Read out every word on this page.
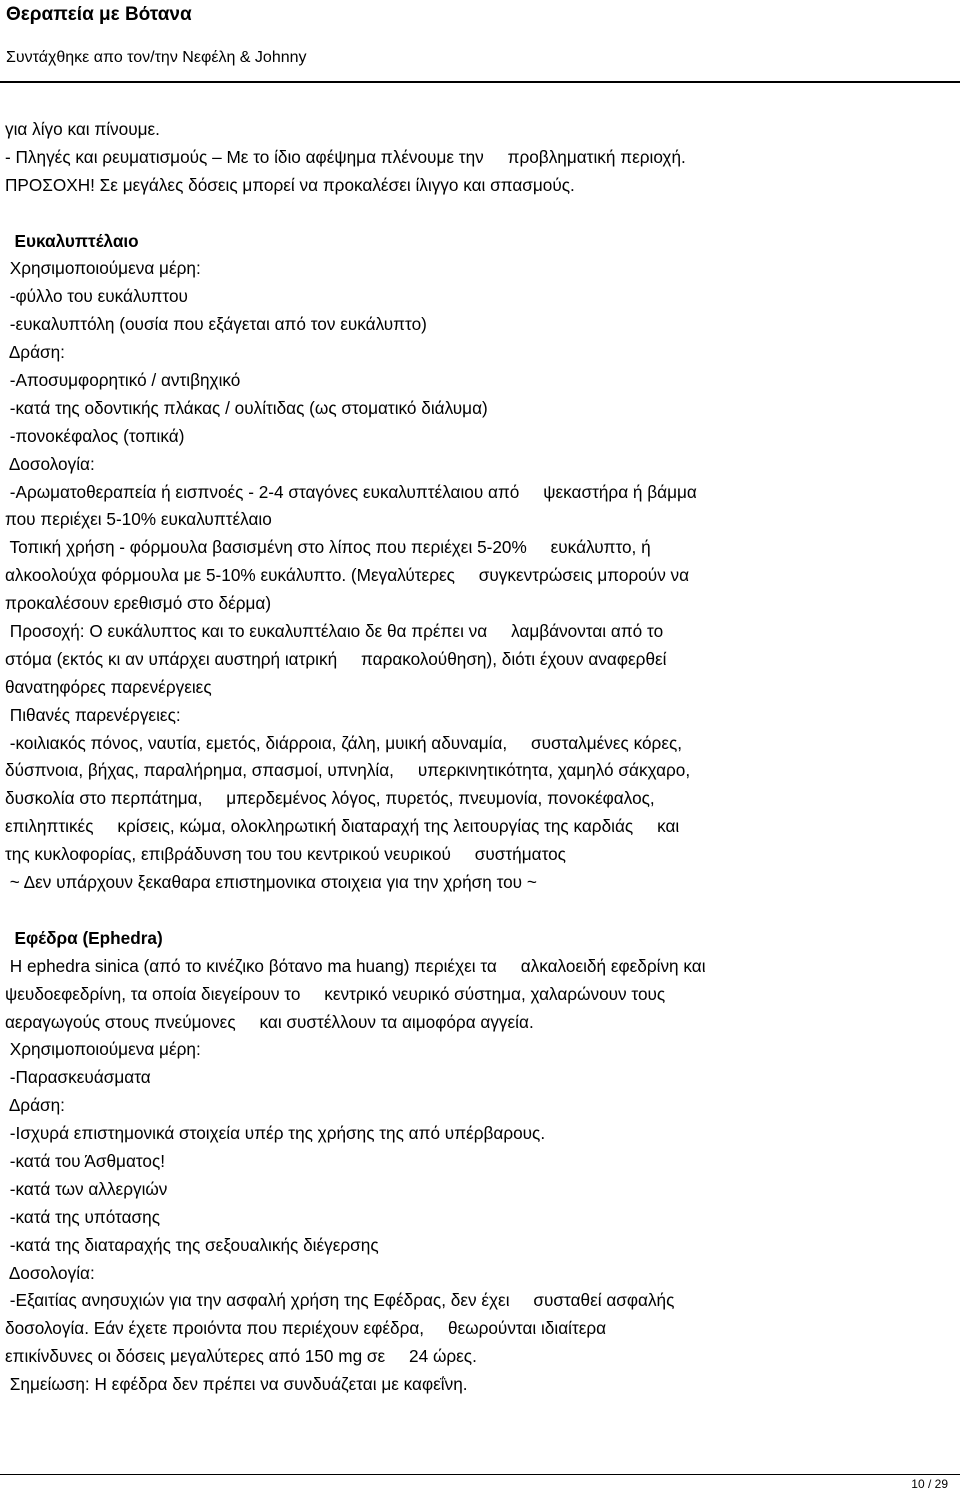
Θεραπεία με Βότανα
Συντάχθηκε απο τον/την Νεφέλη & Johnny
για λίγο και πίνουμε.
- Πληγές και ρευματισμούς – Με το ίδιο αφέψημα πλένουμε την     προβληματική περιοχή.
ΠΡΟΣΟΧΗ! Σε μεγάλες δόσεις μπορεί να προκαλέσει ίλιγγο και σπασμούς.
Ευκαλυπτέλαιο
Χρησιμοποιούμενα μέρη:
-φύλλο του ευκάλυπτου
-ευκαλυπτόλη (ουσία που εξάγεται από τον ευκάλυπτο)
Δράση:
-Αποσυμφορητικό / αντιβηχικό
-κατά της οδοντικής πλάκας / ουλίτιδας (ως στοματικό διάλυμα)
-πονοκέφαλος (τοπικά)
Δοσολογία:
-Αρωματοθεραπεία ή εισπνοές - 2-4 σταγόνες ευκαλυπτέλαιου από     ψεκαστήρα ή βάμμα
που περιέχει 5-10% ευκαλυπτέλαιο
Τοπική χρήση - φόρμουλα βασισμένη στο λίπος που περιέχει 5-20%     ευκάλυπτο, ή
αλκοολούχα φόρμουλα με 5-10% ευκάλυπτο. (Μεγαλύτερες     συγκεντρώσεις μπορούν να
προκαλέσουν ερεθισμό στο δέρμα)
Προσοχή: Ο ευκάλυπτος και το ευκαλυπτέλαιο δε θα πρέπει να     λαμβάνονται από το
στόμα (εκτός κι αν υπάρχει αυστηρή ιατρική     παρακολούθηση), διότι έχουν αναφερθεί
θανατηφόρες παρενέργειες
Πιθανές παρενέργειες:
-κοιλιακός πόνος, ναυτία, εμετός, διάρροια, ζάλη, μυική αδυναμία,     συσταλμένες κόρες,
δύσπνοια, βήχας, παραλήρημα, σπασμοί, υπνηλία,     υπερκινητικότητα, χαμηλό σάκχαρο,
δυσκολία στο περπάτημα,     μπερδεμένος λόγος, πυρετός, πνευμονία, πονοκέφαλος,
επιληπτικές     κρίσεις, κώμα, ολοκληρωτική διαταραχή της λειτουργίας της καρδιάς     και
της κυκλοφορίας, επιβράδυνση του του κεντρικού νευρικού     συστήματος
~ Δεν υπάρχουν ξεκαθαρα επιστημονικα στοιχεια για την χρήση του ~
Εφέδρα (Ephedra)
Η ephedra sinica (από το κινέζικο βότανο ma huang) περιέχει τα     αλκαλοειδή εφεδρίνη και
ψευδοεφεδρίνη, τα οποία διεγείρουν το     κεντρικό νευρικό σύστημα, χαλαρώνουν τους
αεραγωγούς στους πνεύμονες     και συστέλλουν τα αιμοφόρα αγγεία.
Χρησιμοποιούμενα μέρη:
-Παρασκευάσματα
Δράση:
-Ισχυρά επιστημονικά στοιχεία υπέρ της χρήσης της από υπέρβαρους.
-κατά του Άσθματος!
-κατά των αλλεργιών
-κατά της υπότασης
-κατά της διαταραχής της σεξουαλικής διέγερσης
Δοσολογία:
-Εξαιτίας ανησυχιών για την ασφαλή χρήση της Εφέδρας, δεν έχει     συσταθεί ασφαλής
δοσολογία. Εάν έχετε προιόντα που περιέχουν εφέδρα,     θεωρούνται ιδιαίτερα
επικίνδυνες οι δόσεις μεγαλύτερες από 150 mg σε     24 ώρες.
Σημείωση: Η εφέδρα δεν πρέπει να συνδυάζεται με καφεΐνη.
10 / 29
